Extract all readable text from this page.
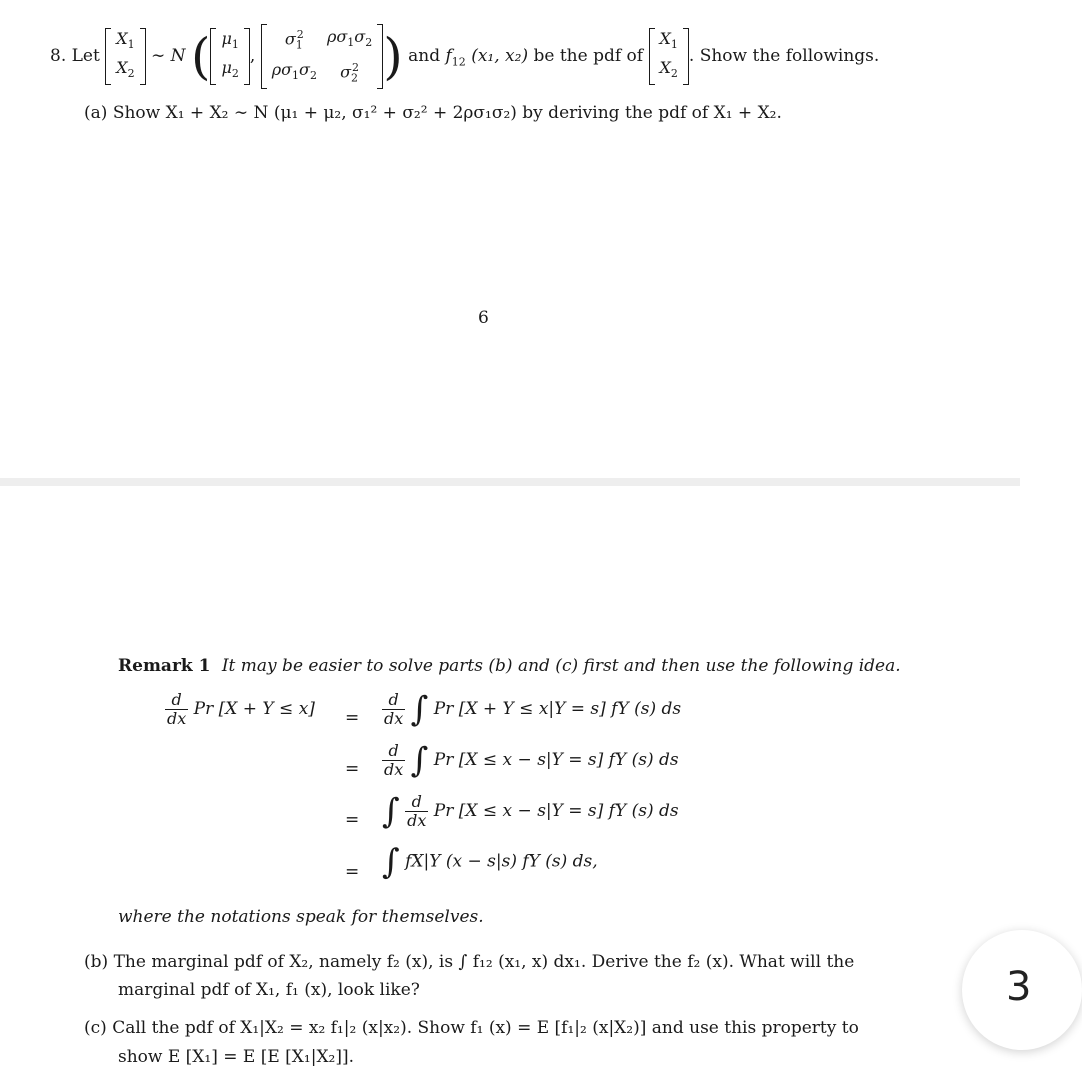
8. Let
$X_1$
$X_2$
∼ N ( $\mu_1$
$\mu_2$
,
$\sigma_1^2$	$\rho\sigma_1\sigma_2$
$\rho\sigma_1\sigma_2$	$\sigma_2^2$ ) and $f_{12}$ (x₁, x₂) be the pdf of
$X_1$
$X_2$
. Show the followings.
(a) Show X₁ + X₂ ∼ N (μ₁ + μ₂, σ₁² + σ₂² + 2ρσ₁σ₂) by deriving the pdf of X₁ + X₂.
6
Remark 1 It may be easier to solve parts (b) and (c) first and then use the following idea.
$\frac{d}{dx}$ Pr $[X + Y \le x] = \frac{d}{dx}$ ∫ Pr [X + Y ≤ x|Y = s] fY (s) ds
= $\frac{d}{dx}$ ∫ Pr [X ≤ x − s|Y = s] fY (s) ds
= ∫ $\frac{d}{dx}$ Pr [X ≤ x − s|Y = s] fY (s) ds
= ∫ fX|Y (x − s|s) fY (s) ds,
where the notations speak for themselves.
(b) The marginal pdf of X₂, namely f₂ (x), is ∫ f₁₂ (x₁, x) dx₁. Derive the f₂ (x). What will the
marginal pdf of X₁, f₁ (x), look like?
(c) Call the pdf of X₁|X₂ = x₂ f₁|₂ (x|x₂). Show f₁ (x) = E [f₁|₂ (x|X₂)] and use this property to
show E [X₁] = E [E [X₁|X₂]].
3
